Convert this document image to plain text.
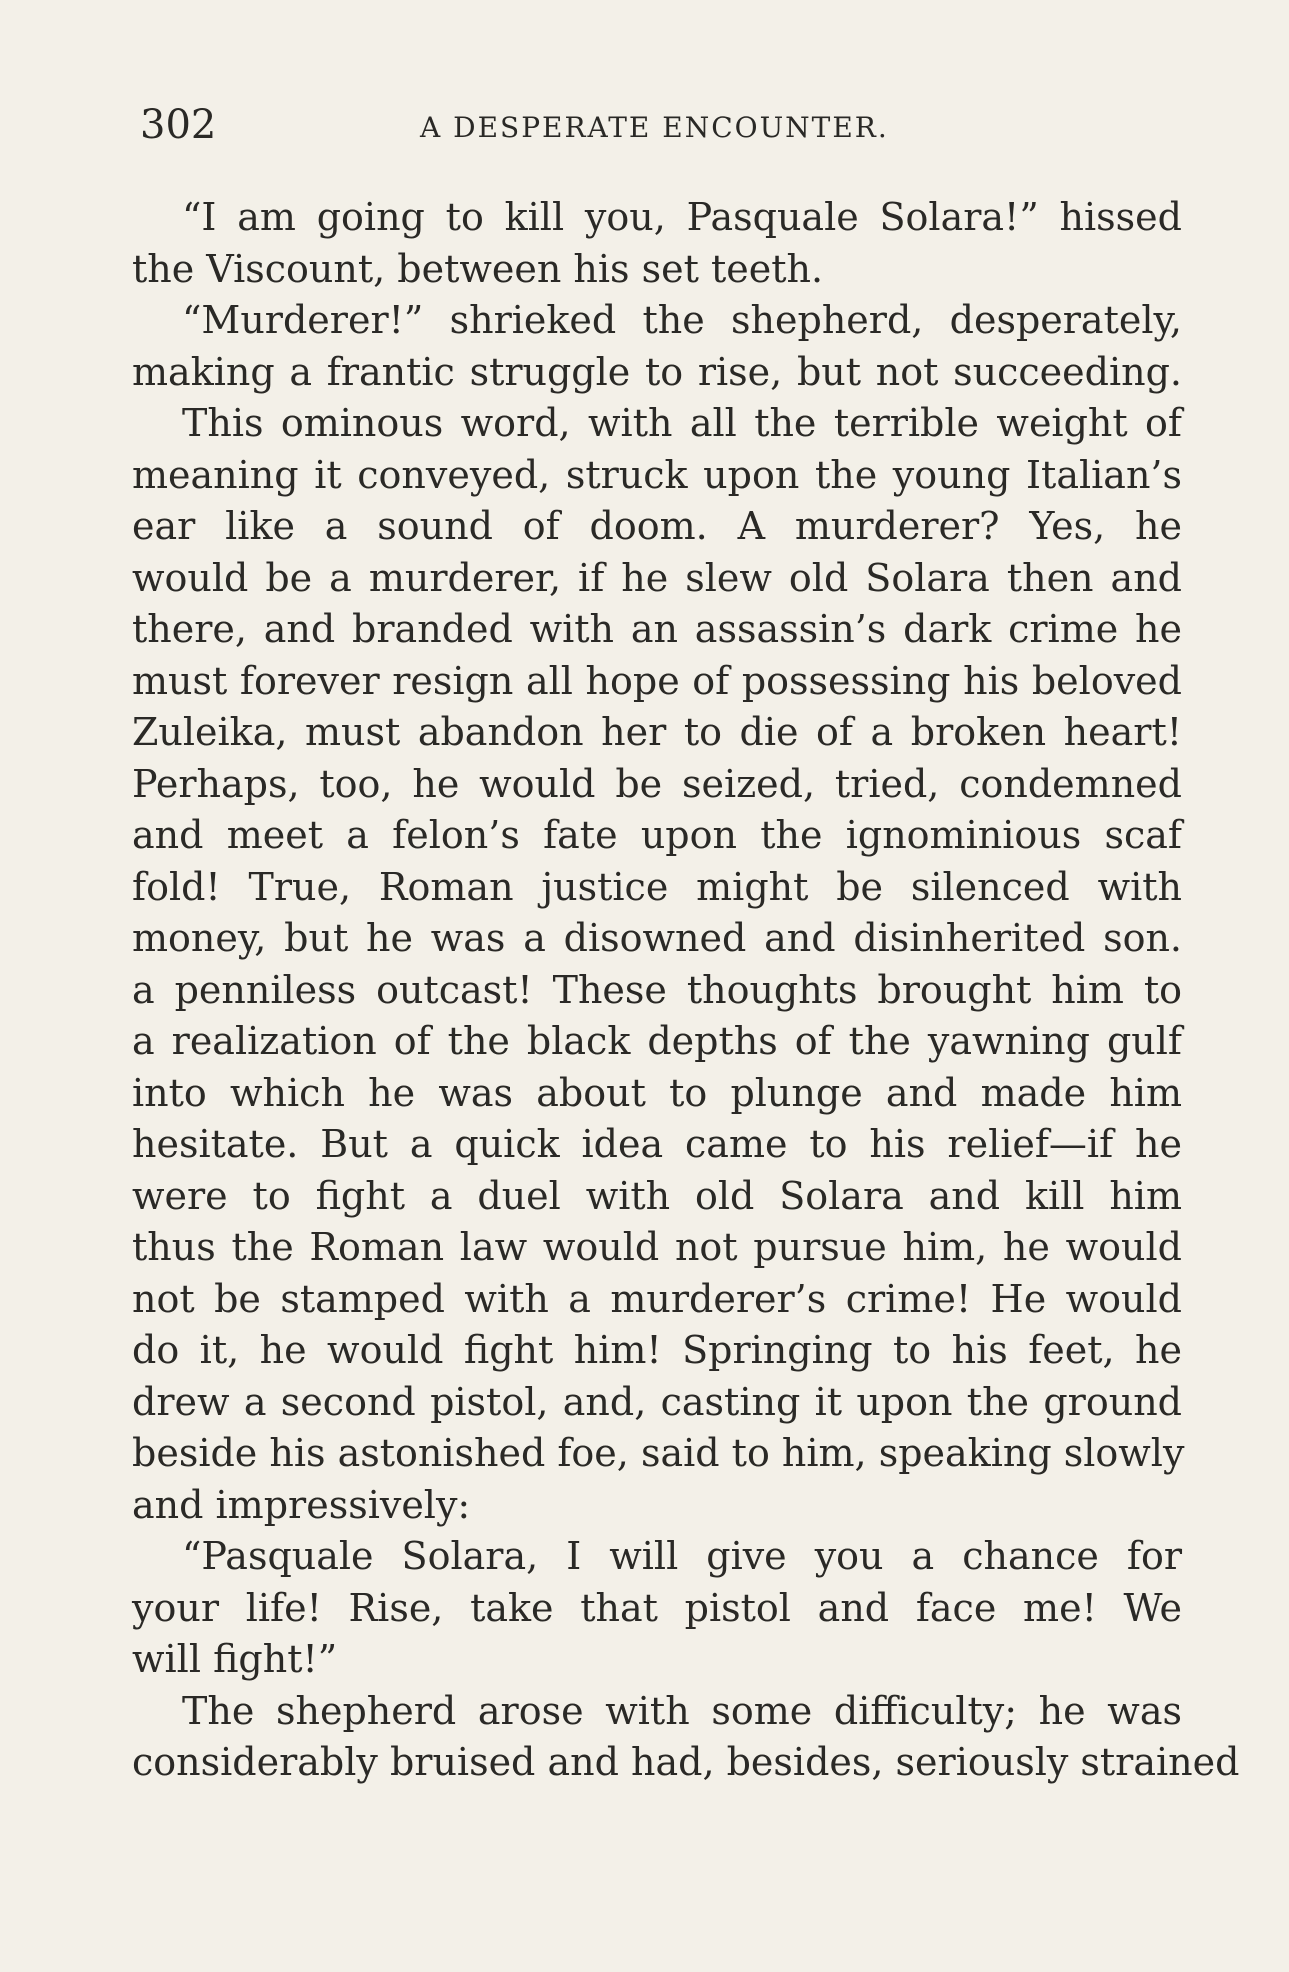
302	A DESPERATE ENCOUNTER.
“I am going to kill you, Pasquale Solara!” hissed
the Viscount, between his set teeth.
“Murderer!” shrieked the shepherd, desperately,
making a frantic struggle to rise, but not succeeding.
This ominous word, with all the terrible weight of
meaning it conveyed, struck upon the young Italian’s
ear like a sound of doom. A murderer? Yes, he
would be a murderer, if he slew old Solara then and
there, and branded with an assassin’s dark crime he
must forever resign all hope of possessing his beloved
Zuleika, must abandon her to die of a broken heart!
Perhaps, too, he would be seized, tried, condemned
and meet a felon’s fate upon the ignominious scaf
fold! True, Roman justice might be silenced with
money, but he was a disowned and disinherited son.
a penniless outcast! These thoughts brought him to
a realization of the black depths of the yawning gulf
into which he was about to plunge and made him
hesitate. But a quick idea came to his relief—if he
were to fight a duel with old Solara and kill him
thus the Roman law would not pursue him, he would
not be stamped with a murderer’s crime! He would
do it, he would fight him! Springing to his feet, he
drew a second pistol, and, casting it upon the ground
beside his astonished foe, said to him, speaking slowly
and impressively:
“Pasquale Solara, I will give you a chance for
your life! Rise, take that pistol and face me! We
will fight!”
The shepherd arose with some difficulty; he was
considerably bruised and had, besides, seriously strained
